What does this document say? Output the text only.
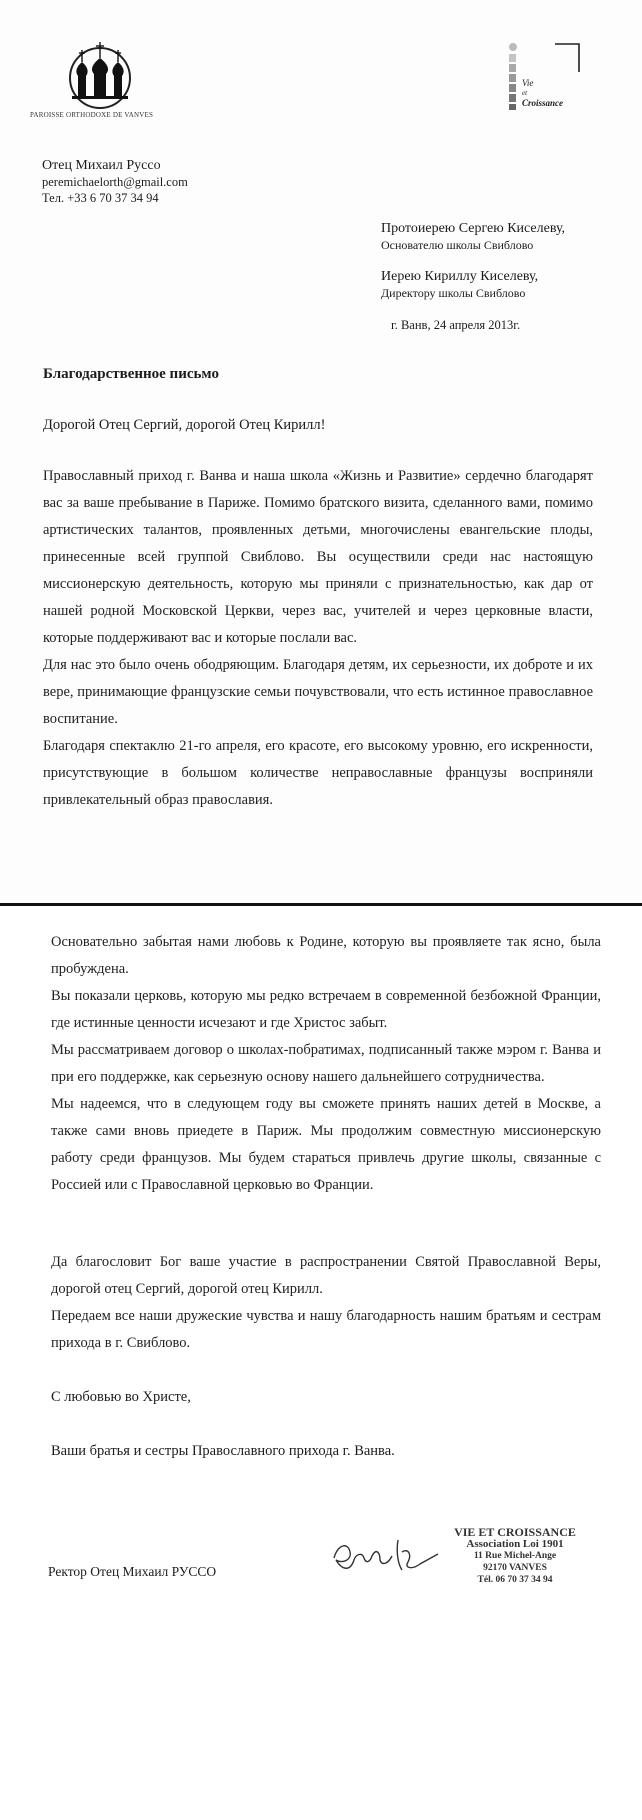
PAROISSE ORTHODOXE DE VANVES
Vie
et
Croissance
Отец Михаил Руссо
peremichaelorth@gmail.com
Тел. +33 6 70 37 34 94
Протоиерею Сергею Киселеву,
Основателю школы Свиблово
Иерею Кириллу Киселеву,
Директору школы Свиблово
г. Ванв, 24 апреля 2013г.
Благодарственное письмо
Дорогой Отец Сергий, дорогой Отец Кирилл!

Православный приход г. Ванва и наша школа «Жизнь и Развитие» сердечно благодарят вас за ваше пребывание в Париже. Помимо братского визита, сделанного вами, помимо артистических талантов, проявленных детьми, многочислены евангельские плоды, принесенные всей группой Свиблово. Вы осуществили среди нас настоящую миссионерскую деятельность, которую мы приняли с признательностью, как дар от нашей родной Московской Церкви, через вас, учителей и через церковные власти, которые поддерживают вас и которые послали вас.

Для нас это было очень ободряющим. Благодаря детям, их серьезности, их доброте и их вере, принимающие французские семьи почувствовали, что есть истинное православное воспитание.

Благодаря спектаклю 21-го апреля, его красоте, его высокому уровню, его искренности, присутствующие в большом количестве неправославные французы восприняли привлекательный образ православия.

Основательно забытая нами любовь к Родине, которую вы проявляете так ясно, была пробуждена.

Вы показали церковь, которую мы редко встречаем в современной безбожной Франции, где истинные ценности исчезают и где Христос забыт.

Мы рассматриваем договор о школах-побратимах, подписанный также мэром г. Ванва и при его поддержке, как серьезную основу нашего дальнейшего сотрудничества.

Мы надеемся, что в следующем году вы сможете принять наших детей в Москве, а также сами вновь приедете в Париж. Мы продолжим совместную миссионерскую работу среди французов. Мы будем стараться привлечь другие школы, связанные с Россией или с Православной церковью во Франции.

Да благословит Бог ваше участие в распространении Святой Православной Веры, дорогой отец Сергий, дорогой отец Кирилл.

Передаем все наши дружеские чувства и нашу благодарность нашим братьям и сестрам прихода в г. Свиблово.

С любовью во Христе,
Ваши братья и сестры Православного прихода г. Ванва.
Ректор Отец Михаил РУССО
VIE ET CROISSANCE
Association Loi 1901
11 Rue Michel-Ange
92170 VANVES
Tél. 06 70 37 34 94
